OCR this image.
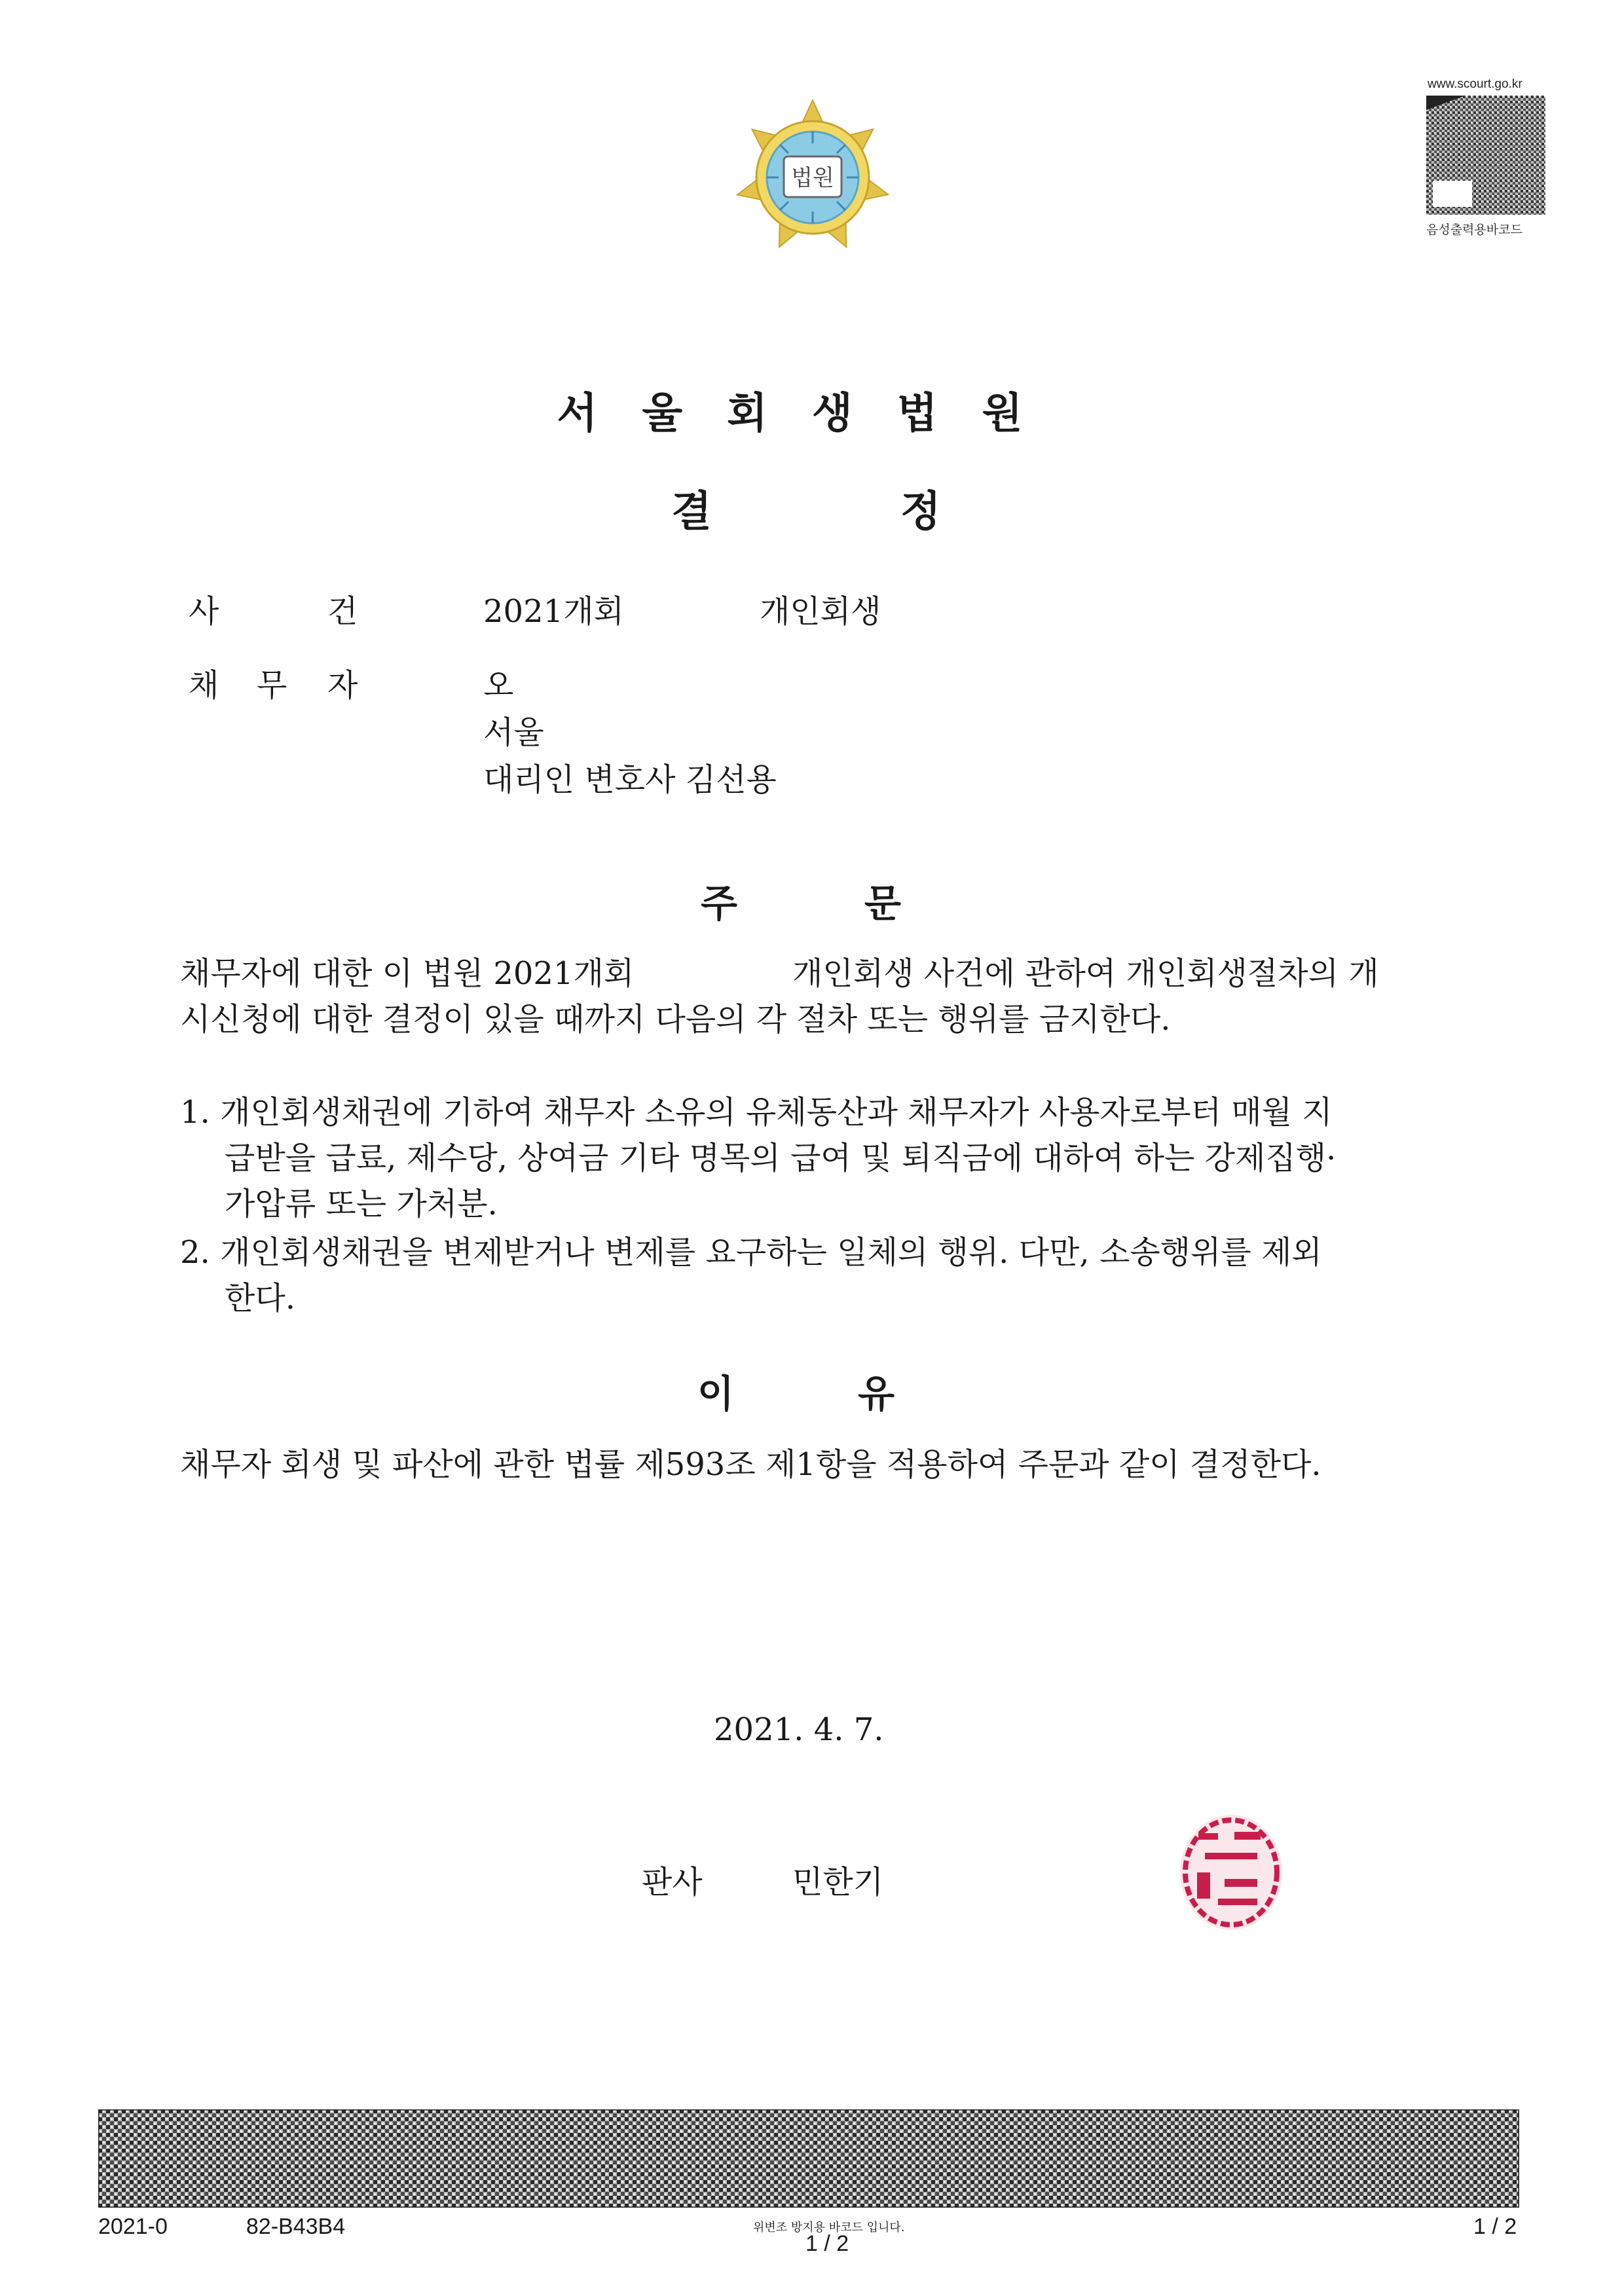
법원
www.scourt.go.kr
음성출력용바코드
서울회생법원
결	정
사	건	2021개회	개인회생
채 무 자	오
서울
대리인 변호사 김선용
주	문
채무자에 대한 이 법원 2021개회	개인회생 사건에 관하여 개인회생절차의 개
시신청에 대한 결정이 있을 때까지 다음의 각 절차 또는 행위를 금지한다.
1. 개인회생채권에 기하여 채무자 소유의 유체동산과 채무자가 사용자로부터 매월 지
급받을 급료, 제수당, 상여금 기타 명목의 급여 및 퇴직금에 대하여 하는 강제집행·
가압류 또는 가처분.
2. 개인회생채권을 변제받거나 변제를 요구하는 일체의 행위. 다만, 소송행위를 제외
한다.
이	유
채무자 회생 및 파산에 관한 법률 제593조 제1항을 적용하여 주문과 같이 결정한다.
2021. 4. 7.
판사	민한기
2021-0	82-B43B4	위변조 방지용 바코드 입니다.
1 / 2
1 / 2
